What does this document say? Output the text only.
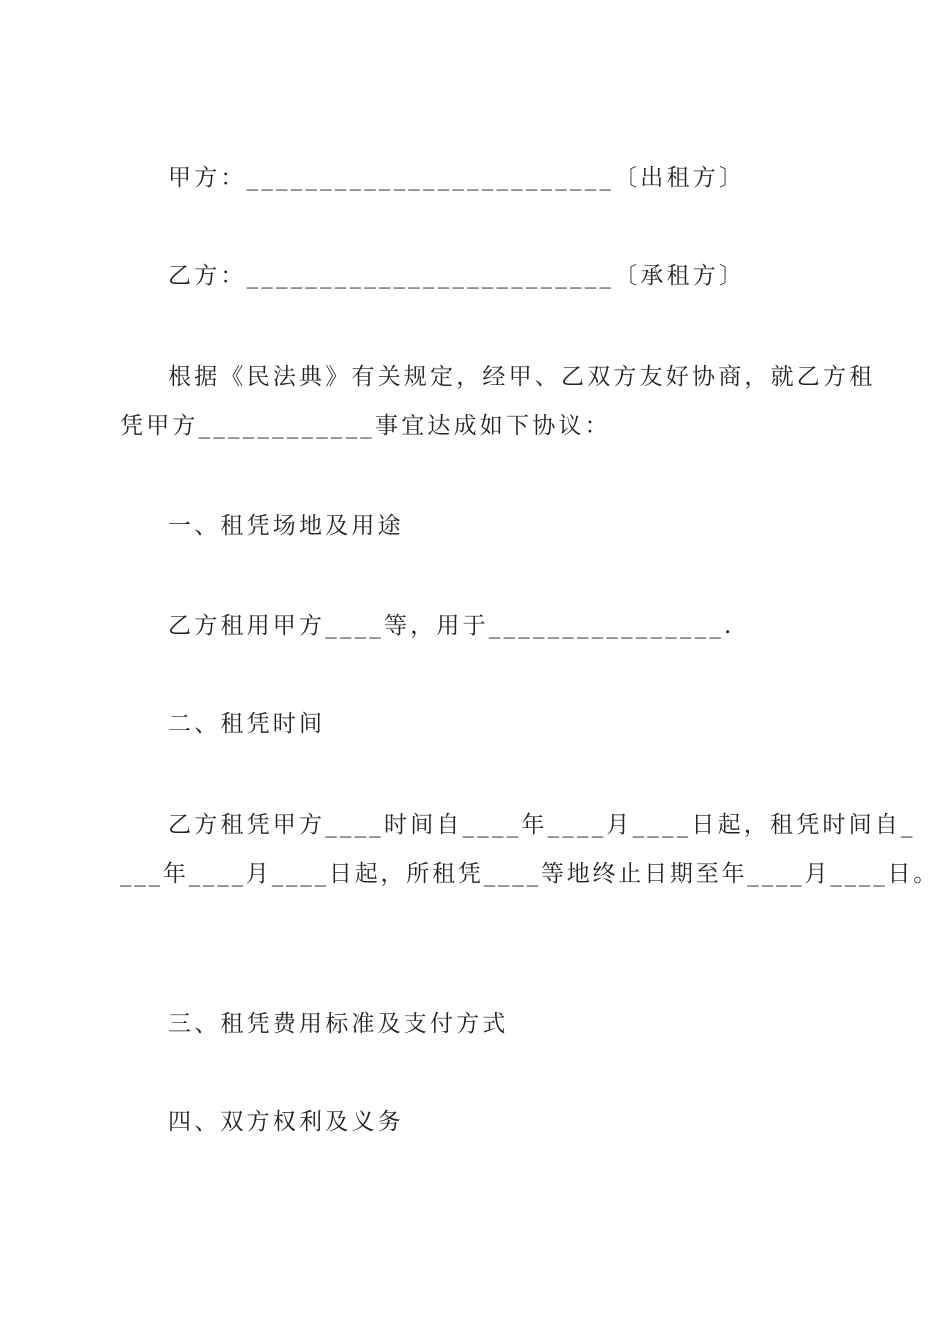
甲方：_________________________〔出租方〕
乙方：_________________________〔承租方〕
根据《民法典》有关规定，经甲、乙双方友好协商，就乙方租
凭甲方____________事宜达成如下协议：
一、租凭场地及用途
乙方租用甲方____等，用于________________.
二、租凭时间
乙方租凭甲方____时间自____年____月____日起，租凭时间自_
___年____月____日起，所租凭____等地终止日期至年____月____日。
三、租凭费用标准及支付方式
四、双方权利及义务
